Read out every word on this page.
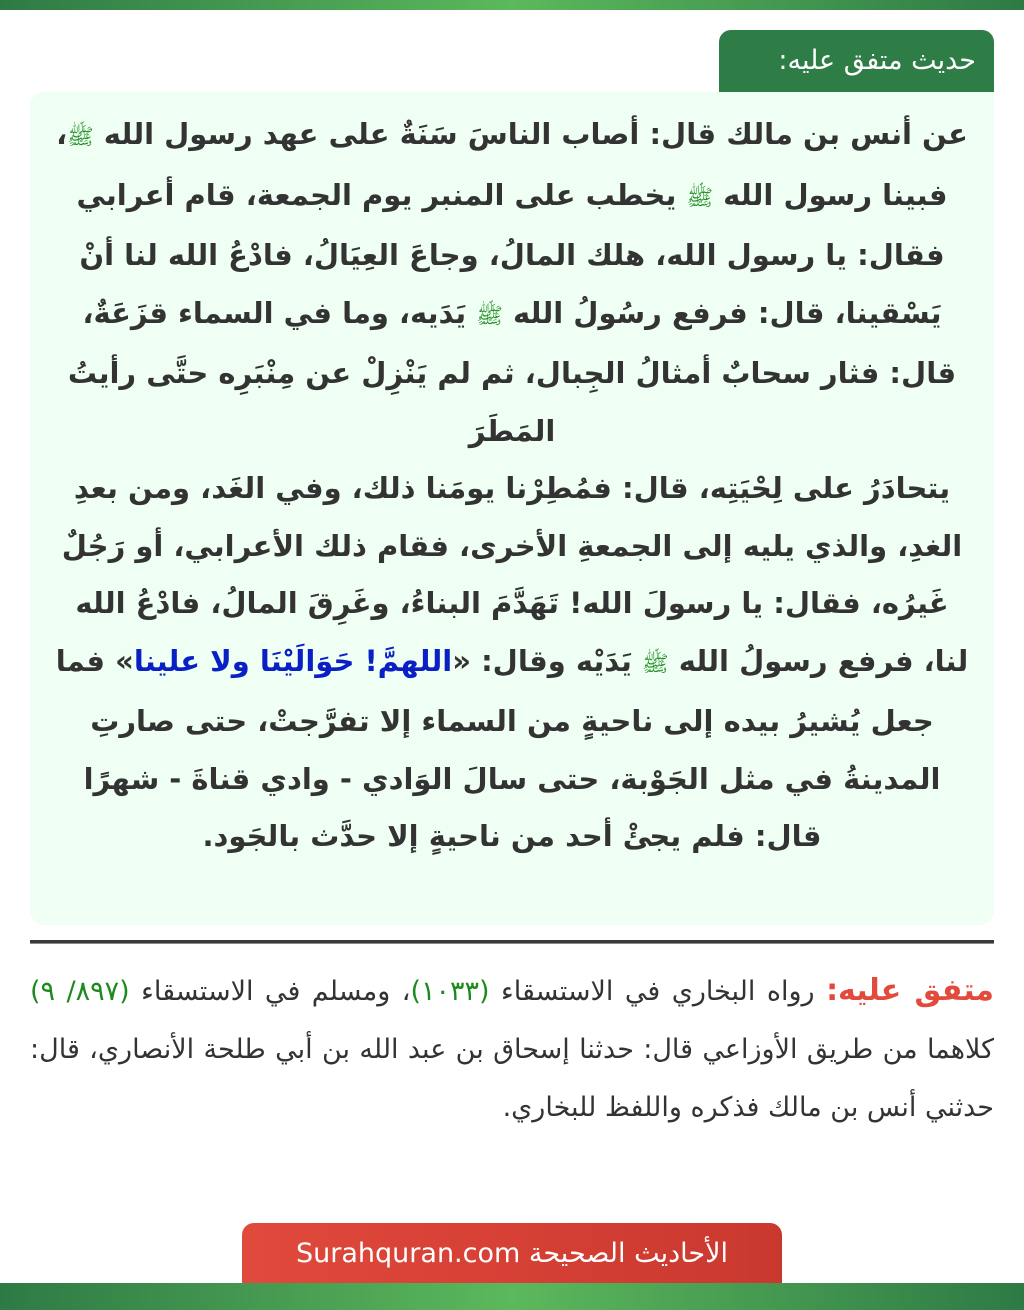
حديث متفق عليه:

عن أنس بن مالك قال: أصاب الناسَ سَنَةٌ على عهد رسول الله ﷺ، فبينا رسول الله ﷺ يخطب على المنبر يوم الجمعة، قام أعرابي فقال: يا رسول الله، هلك المالُ، وجاعَ العِيَالُ، فادْعُ الله لنا أنْ يَسْقينا، قال: فرفع رسُولُ الله ﷺ يَدَيه، وما في السماء قزَعَةٌ، قال: فثار سحابٌ أمثالُ الجِبال، ثم لم يَنْزِلْ عن مِنْبَرِه حتَّى رأيتُ المَطَرَ

يتحادَرُ على لِحْيَتِه، قال: فمُطِرْنا يومَنا ذلك، وفي الغَد، ومن بعدِ الغدِ، والذي يليه إلى الجمعةِ الأخرى، فقام ذلك الأعرابي، أو رَجُلٌ غَيرُه، فقال: يا رسولَ الله! تَهَدَّمَ البناءُ، وغَرِقَ المالُ، فادْعُ الله لنا، فرفع رسولُ الله ﷺ يَدَيْه وقال: «اللهمَّ! حَوَالَيْنَا ولا علينا» فما جعل يُشيرُ بيده إلى ناحيةٍ من السماء إلا تفرَّجتْ، حتى صارتِ المدينةُ في مثل الجَوْبة، حتى سالَ الوَادي - وادي قناةَ - شهرًا قال: فلم يجئْ أحد من ناحيةٍ إلا حدَّث بالجَود.

متفق عليه: رواه البخاري في الاستسقاء (١٠٣٣)، ومسلم في الاستسقاء (٨٩٧/ ٩) كلاهما من طريق الأوزاعي قال: حدثنا إسحاق بن عبد الله بن أبي طلحة الأنصاري، قال: حدثني أنس بن مالك فذكره واللفظ للبخاري.

الأحاديث الصحيحة Surahquran.com
